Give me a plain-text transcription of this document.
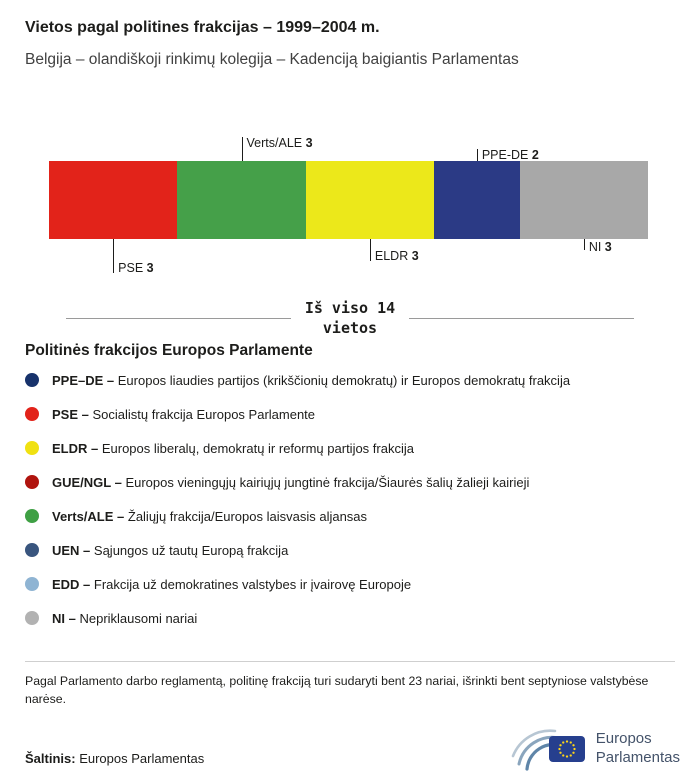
Vietos pagal politines frakcijas – 1999–2004 m.
Belgija – olandiškoji rinkimų kolegija – Kadenciją baigiantis Parlamentas
PSE 3
Verts/ALE 3
ELDR 3
PPE-DE 2
NI 3
Iš viso 14
vietos
Politinės frakcijos Europos Parlamente
PPE–DE – Europos liaudies partijos (krikščionių demokratų) ir Europos demokratų frakcija
PSE – Socialistų frakcija Europos Parlamente
ELDR – Europos liberalų, demokratų ir reformų partijos frakcija
GUE/NGL – Europos vieningųjų kairiųjų jungtinė frakcija/Šiaurės šalių žalieji kairieji
Verts/ALE – Žaliųjų frakcija/Europos laisvasis aljansas
UEN – Sąjungos už tautų Europą frakcija
EDD – Frakcija už demokratines valstybes ir įvairovę Europoje
NI – Nepriklausomi nariai
Pagal Parlamento darbo reglamentą, politinę frakciją turi sudaryti bent 23 nariai, išrinkti bent septyniose valstybėse narėse.
Šaltinis: Europos Parlamentas
Europos
Parlamentas
